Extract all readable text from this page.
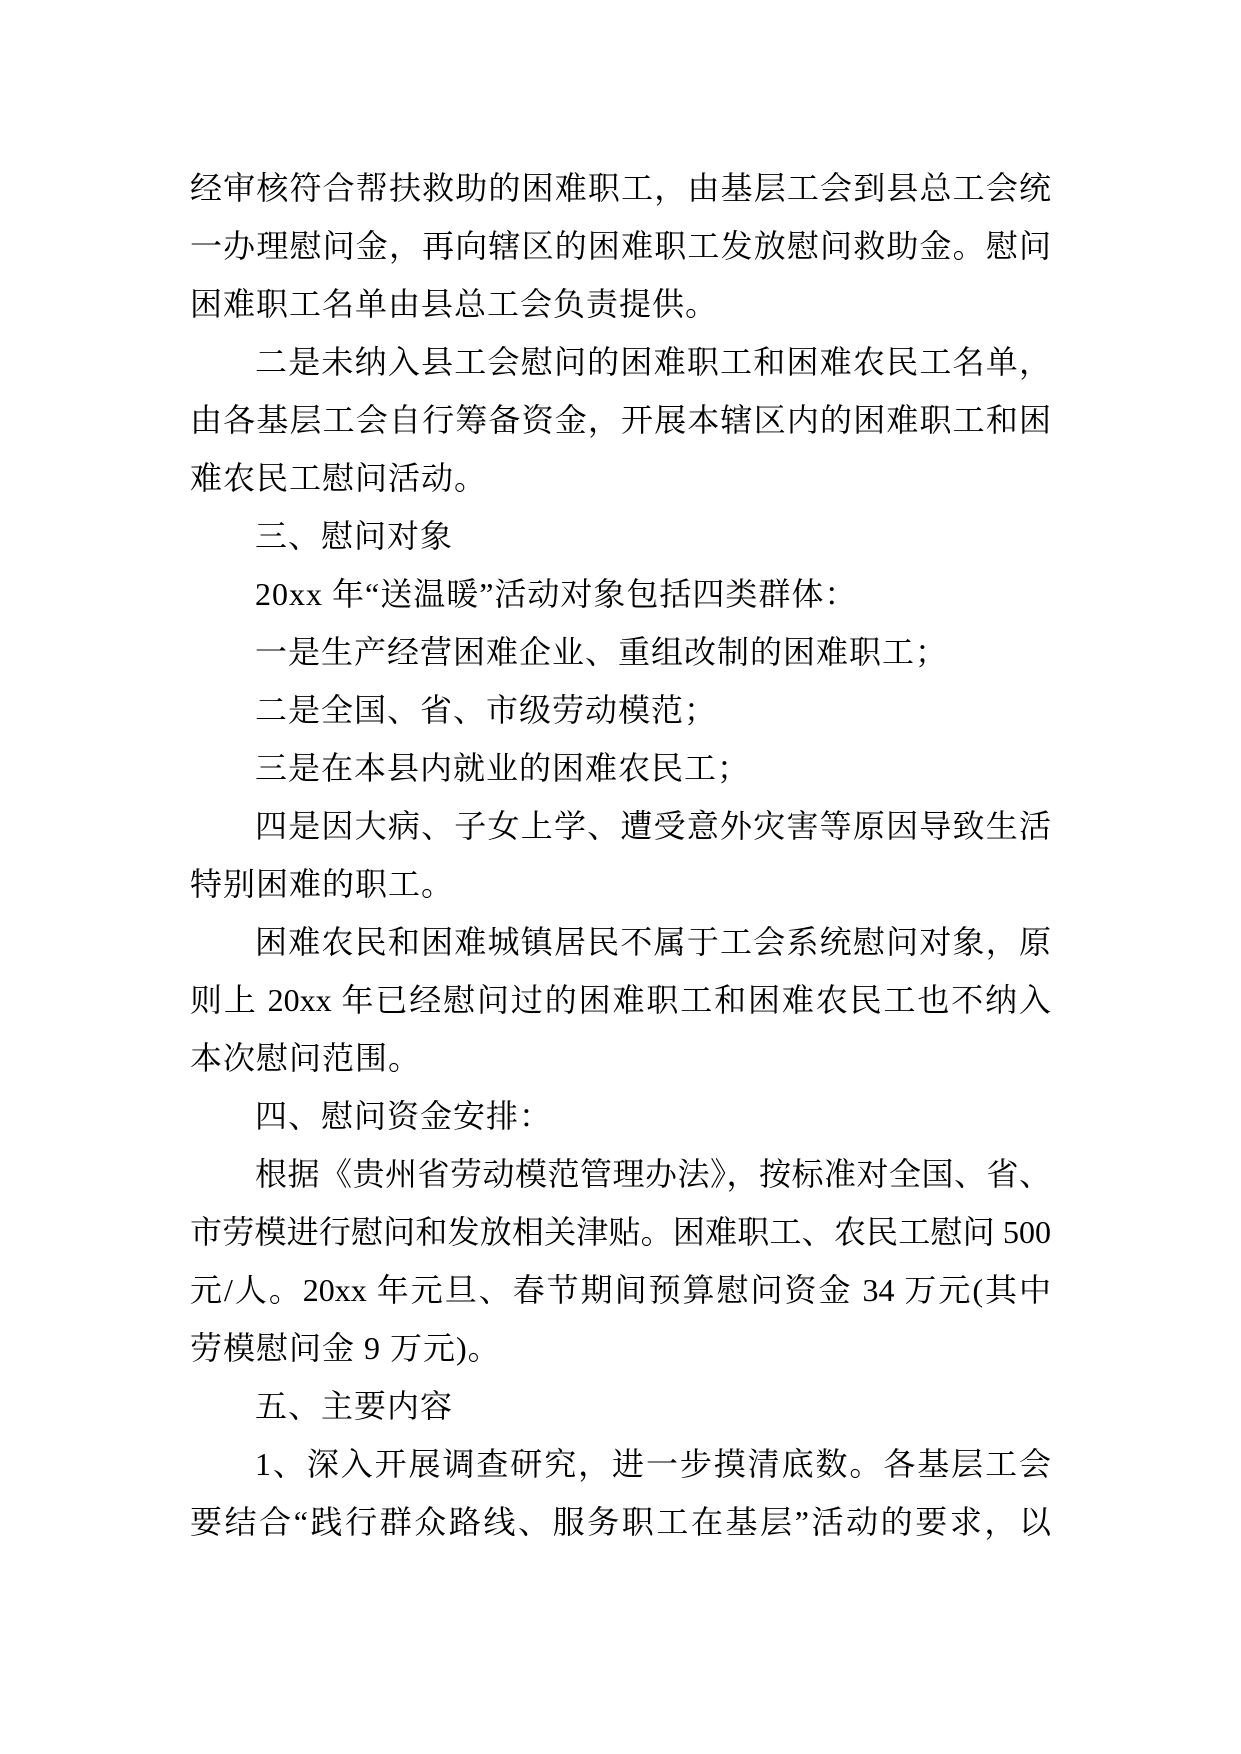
经审核符合帮扶救助的困难职工，由基层工会到县总工会统
一办理慰问金，再向辖区的困难职工发放慰问救助金。慰问
困难职工名单由县总工会负责提供。
二是未纳入县工会慰问的困难职工和困难农民工名单，
由各基层工会自行筹备资金，开展本辖区内的困难职工和困
难农民工慰问活动。
三、慰问对象
20xx 年“送温暖”活动对象包括四类群体：
一是生产经营困难企业、重组改制的困难职工；
二是全国、省、市级劳动模范；
三是在本县内就业的困难农民工；
四是因大病、子女上学、遭受意外灾害等原因导致生活
特别困难的职工。
困难农民和困难城镇居民不属于工会系统慰问对象，原
则上 20xx 年已经慰问过的困难职工和困难农民工也不纳入
本次慰问范围。
四、慰问资金安排：
根据《贵州省劳动模范管理办法》，按标准对全国、省、
市劳模进行慰问和发放相关津贴。困难职工、农民工慰问 500
元/人。20xx 年元旦、春节期间预算慰问资金 34 万元(其中
劳模慰问金 9 万元)。
五、主要内容
1、深入开展调查研究，进一步摸清底数。各基层工会
要结合“践行群众路线、服务职工在基层”活动的要求，以
